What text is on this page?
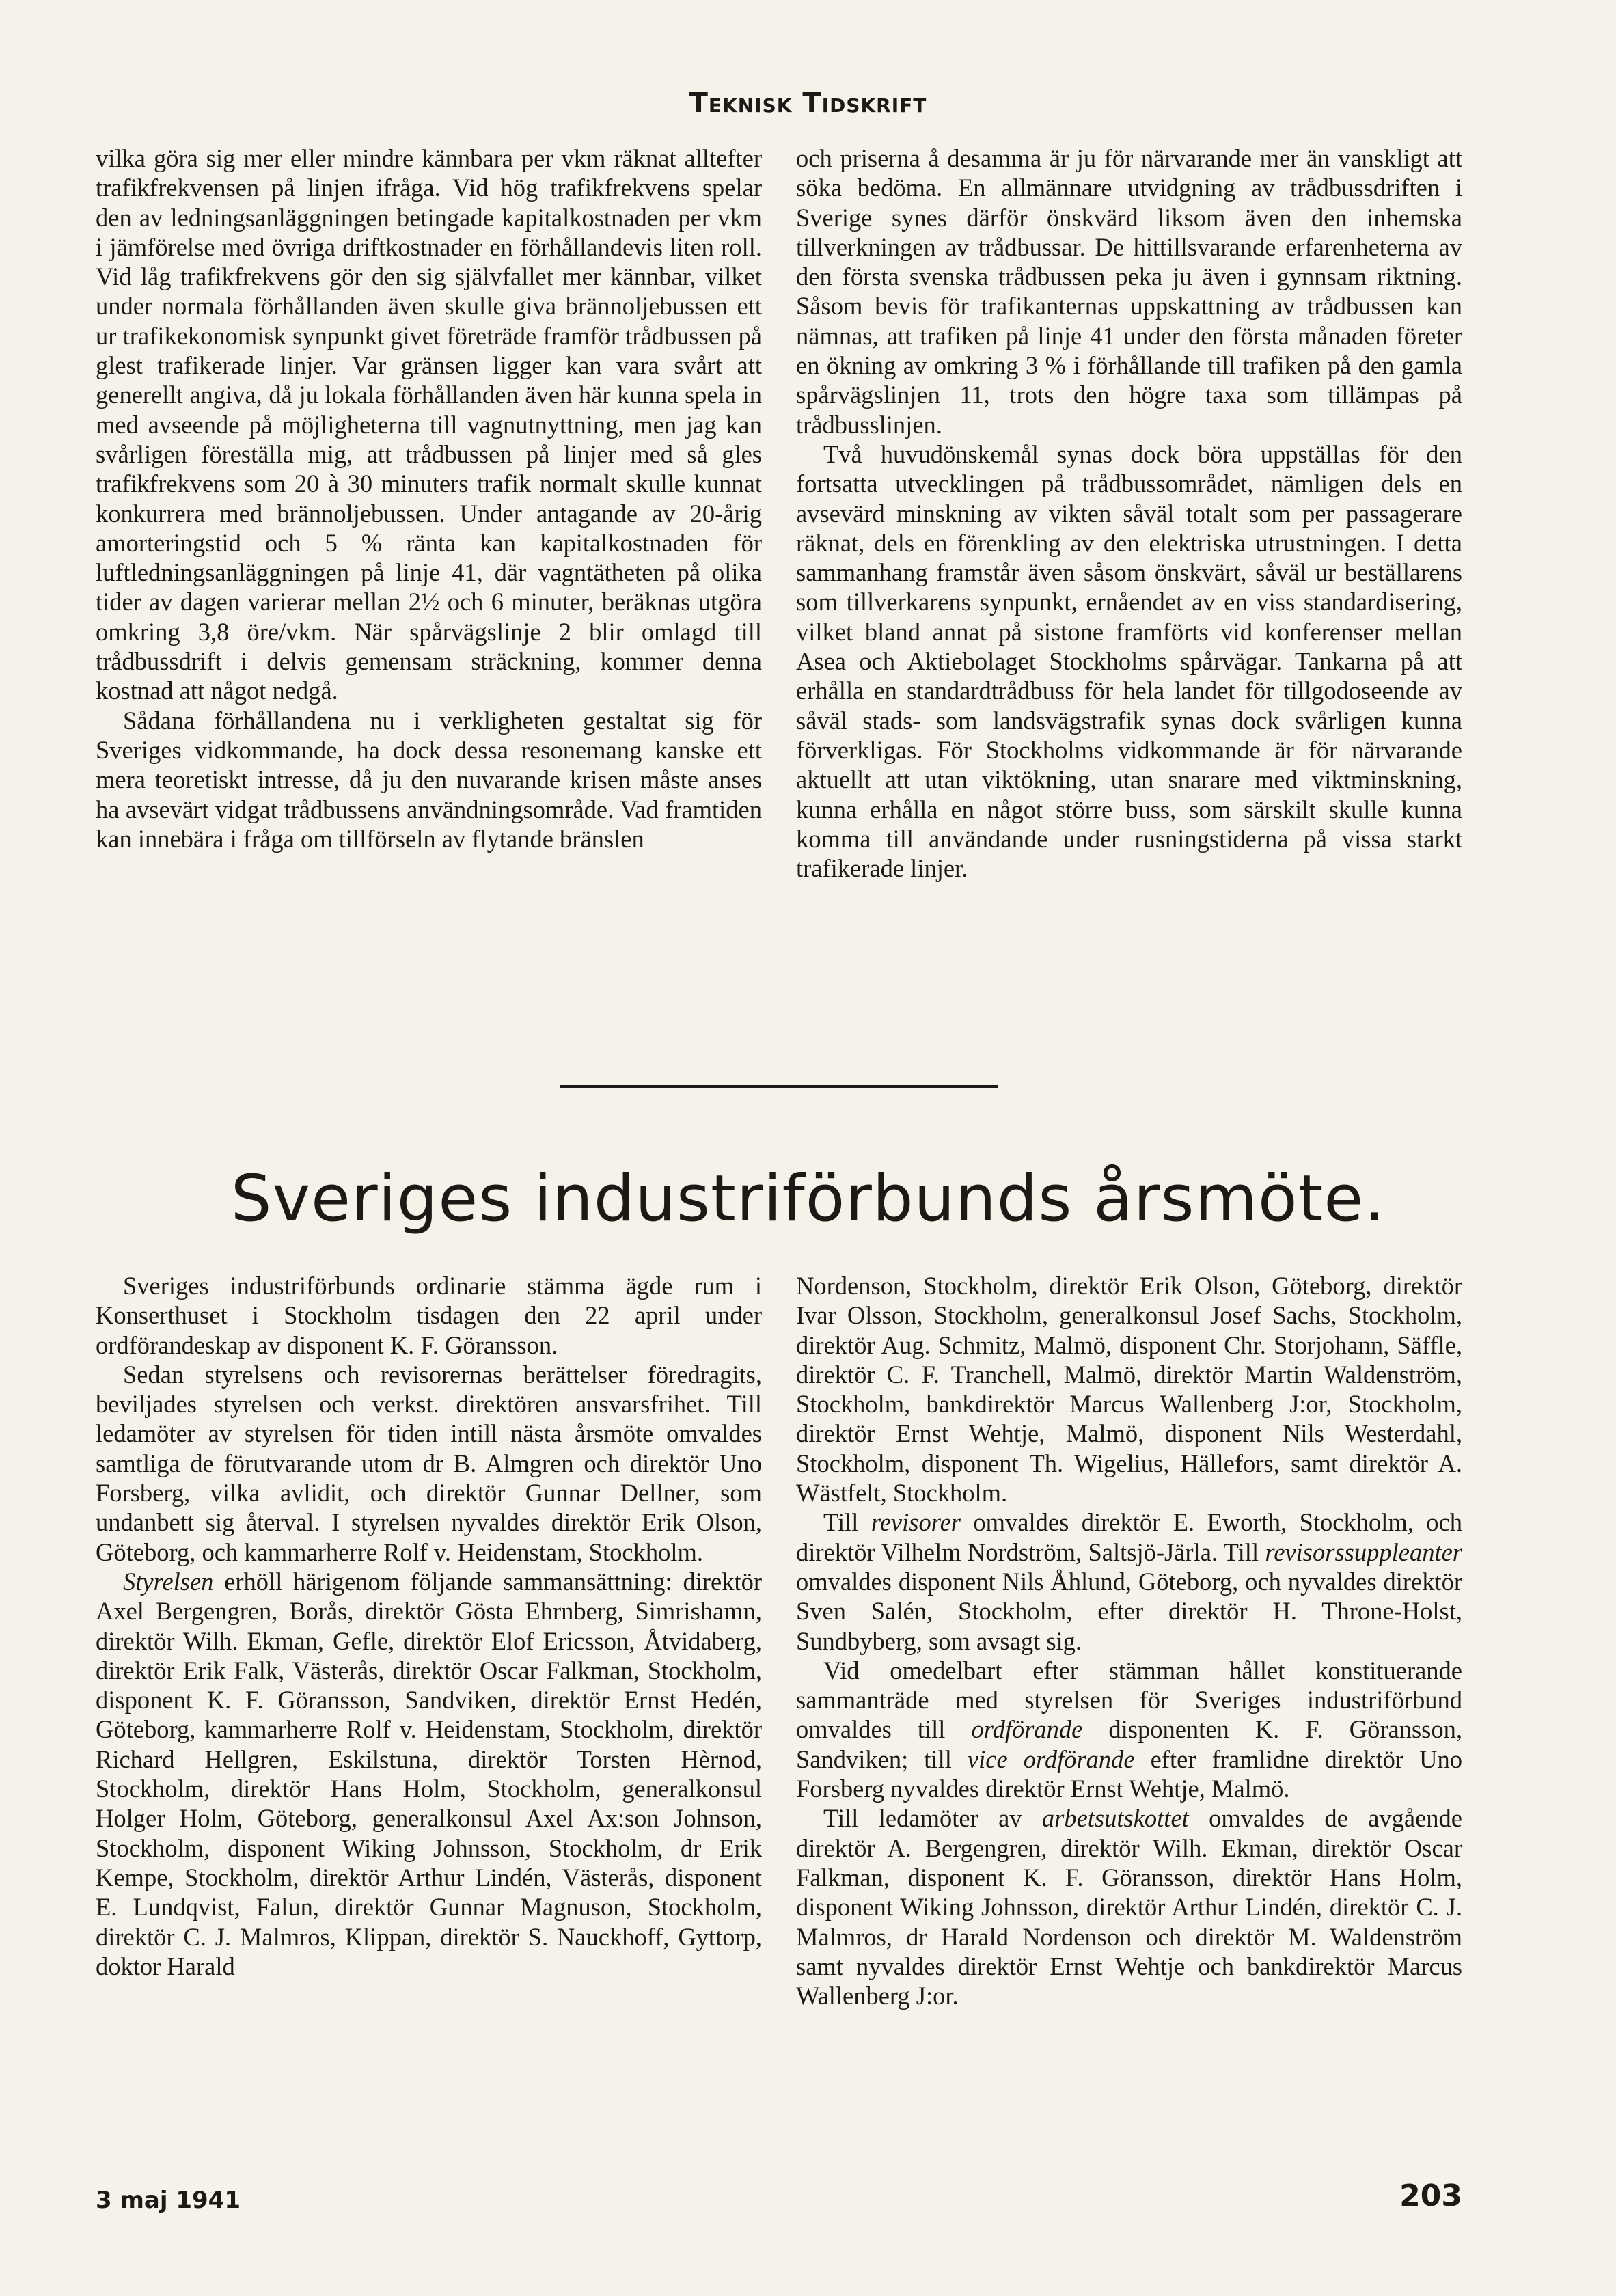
Teknisk Tidskrift

vilka göra sig mer eller mindre kännbara per vkm räknat alltefter trafikfrekvensen på linjen ifråga. Vid hög trafikfrekvens spelar den av ledningsanläggningen betingade kapitalkostnaden per vkm i jämförelse med övriga driftkostnader en förhållandevis liten roll. Vid låg trafikfrekvens gör den sig självfallet mer kännbar, vilket under normala förhållanden även skulle giva brännoljebussen ett ur trafikekonomisk synpunkt givet företräde framför trådbussen på glest trafikerade linjer. Var gränsen ligger kan vara svårt att generellt angiva, då ju lokala förhållanden även här kunna spela in med avseende på möjligheterna till vagnutnyttning, men jag kan svårligen föreställa mig, att trådbussen på linjer med så gles trafikfrekvens som 20 à 30 minuters trafik normalt skulle kunnat konkurrera med brännoljebussen. Under antagande av 20-årig amorteringstid och 5 % ränta kan kapitalkostnaden för luftledningsanläggningen på linje 41, där vagntätheten på olika tider av dagen varierar mellan 2½ och 6 minuter, beräknas utgöra omkring 3,8 öre/vkm. När spårvägslinje 2 blir omlagd till trådbussdrift i delvis gemensam sträckning, kommer denna kostnad att något nedgå.

Sådana förhållandena nu i verkligheten gestaltat sig för Sveriges vidkommande, ha dock dessa resonemang kanske ett mera teoretiskt intresse, då ju den nuvarande krisen måste anses ha avsevärt vidgat trådbussens användningsområde. Vad framtiden kan innebära i fråga om tillförseln av flytande bränslen

och priserna å desamma är ju för närvarande mer än vanskligt att söka bedöma. En allmännare utvidgning av trådbussdriften i Sverige synes därför önskvärd liksom även den inhemska tillverkningen av trådbussar. De hittillsvarande erfarenheterna av den första svenska trådbussen peka ju även i gynnsam riktning. Såsom bevis för trafikanternas uppskattning av trådbussen kan nämnas, att trafiken på linje 41 under den första månaden företer en ökning av omkring 3 % i förhållande till trafiken på den gamla spårvägslinjen 11, trots den högre taxa som tillämpas på trådbusslinjen.

Två huvudönskemål synas dock böra uppställas för den fortsatta utvecklingen på trådbussområdet, nämligen dels en avsevärd minskning av vikten såväl totalt som per passagerare räknat, dels en förenkling av den elektriska utrustningen. I detta sammanhang framstår även såsom önskvärt, såväl ur beställarens som tillverkarens synpunkt, ernåendet av en viss standardisering, vilket bland annat på sistone framförts vid konferenser mellan Asea och Aktiebolaget Stockholms spårvägar. Tankarna på att erhålla en standardtrådbuss för hela landet för tillgodoseende av såväl stads- som landsvägstrafik synas dock svårligen kunna förverkligas. För Stockholms vidkommande är för närvarande aktuellt att utan viktökning, utan snarare med viktminskning, kunna erhålla en något större buss, som särskilt skulle kunna komma till användande under rusningstiderna på vissa starkt trafikerade linjer.

Sveriges industriförbunds årsmöte.

Sveriges industriförbunds ordinarie stämma ägde rum i Konserthuset i Stockholm tisdagen den 22 april under ordförandeskap av disponent K. F. Göransson.

Sedan styrelsens och revisorernas berättelser föredragits, beviljades styrelsen och verkst. direktören ansvarsfrihet. Till ledamöter av styrelsen för tiden intill nästa årsmöte omvaldes samtliga de förutvarande utom dr B. Almgren och direktör Uno Forsberg, vilka avlidit, och direktör Gunnar Dellner, som undanbett sig återval. I styrelsen nyvaldes direktör Erik Olson, Göteborg, och kammarherre Rolf v. Heidenstam, Stockholm.

Styrelsen erhöll härigenom följande sammansättning: direktör Axel Bergengren, Borås, direktör Gösta Ehrnberg, Simrishamn, direktör Wilh. Ekman, Gefle, direktör Elof Ericsson, Åtvidaberg, direktör Erik Falk, Västerås, direktör Oscar Falkman, Stockholm, disponent K. F. Göransson, Sandviken, direktör Ernst Hedén, Göteborg, kammarherre Rolf v. Heidenstam, Stockholm, direktör Richard Hellgren, Eskilstuna, direktör Torsten Hèrnod, Stockholm, direktör Hans Holm, Stockholm, generalkonsul Holger Holm, Göteborg, generalkonsul Axel Ax:son Johnson, Stockholm, disponent Wiking Johnsson, Stockholm, dr Erik Kempe, Stockholm, direktör Arthur Lindén, Västerås, disponent E. Lundqvist, Falun, direktör Gunnar Magnuson, Stockholm, direktör C. J. Malmros, Klippan, direktör S. Nauckhoff, Gyttorp, doktor Harald

Nordenson, Stockholm, direktör Erik Olson, Göteborg, direktör Ivar Olsson, Stockholm, generalkonsul Josef Sachs, Stockholm, direktör Aug. Schmitz, Malmö, disponent Chr. Storjohann, Säffle, direktör C. F. Tranchell, Malmö, direktör Martin Waldenström, Stockholm, bankdirektör Marcus Wallenberg J:or, Stockholm, direktör Ernst Wehtje, Malmö, disponent Nils Westerdahl, Stockholm, disponent Th. Wigelius, Hällefors, samt direktör A. Wästfelt, Stockholm.

Till revisorer omvaldes direktör E. Eworth, Stockholm, och direktör Vilhelm Nordström, Saltsjö-Järla. Till revisorssuppleanter omvaldes disponent Nils Åhlund, Göteborg, och nyvaldes direktör Sven Salén, Stockholm, efter direktör H. Throne-Holst, Sundbyberg, som avsagt sig.

Vid omedelbart efter stämman hållet konstituerande sammanträde med styrelsen för Sveriges industriförbund omvaldes till ordförande disponenten K. F. Göransson, Sandviken; till vice ordförande efter framlidne direktör Uno Forsberg nyvaldes direktör Ernst Wehtje, Malmö.

Till ledamöter av arbetsutskottet omvaldes de avgående direktör A. Bergengren, direktör Wilh. Ekman, direktör Oscar Falkman, disponent K. F. Göransson, direktör Hans Holm, disponent Wiking Johnsson, direktör Arthur Lindén, direktör C. J. Malmros, dr Harald Nordenson och direktör M. Waldenström samt nyvaldes direktör Ernst Wehtje och bankdirektör Marcus Wallenberg J:or.

3 maj 1941	203
